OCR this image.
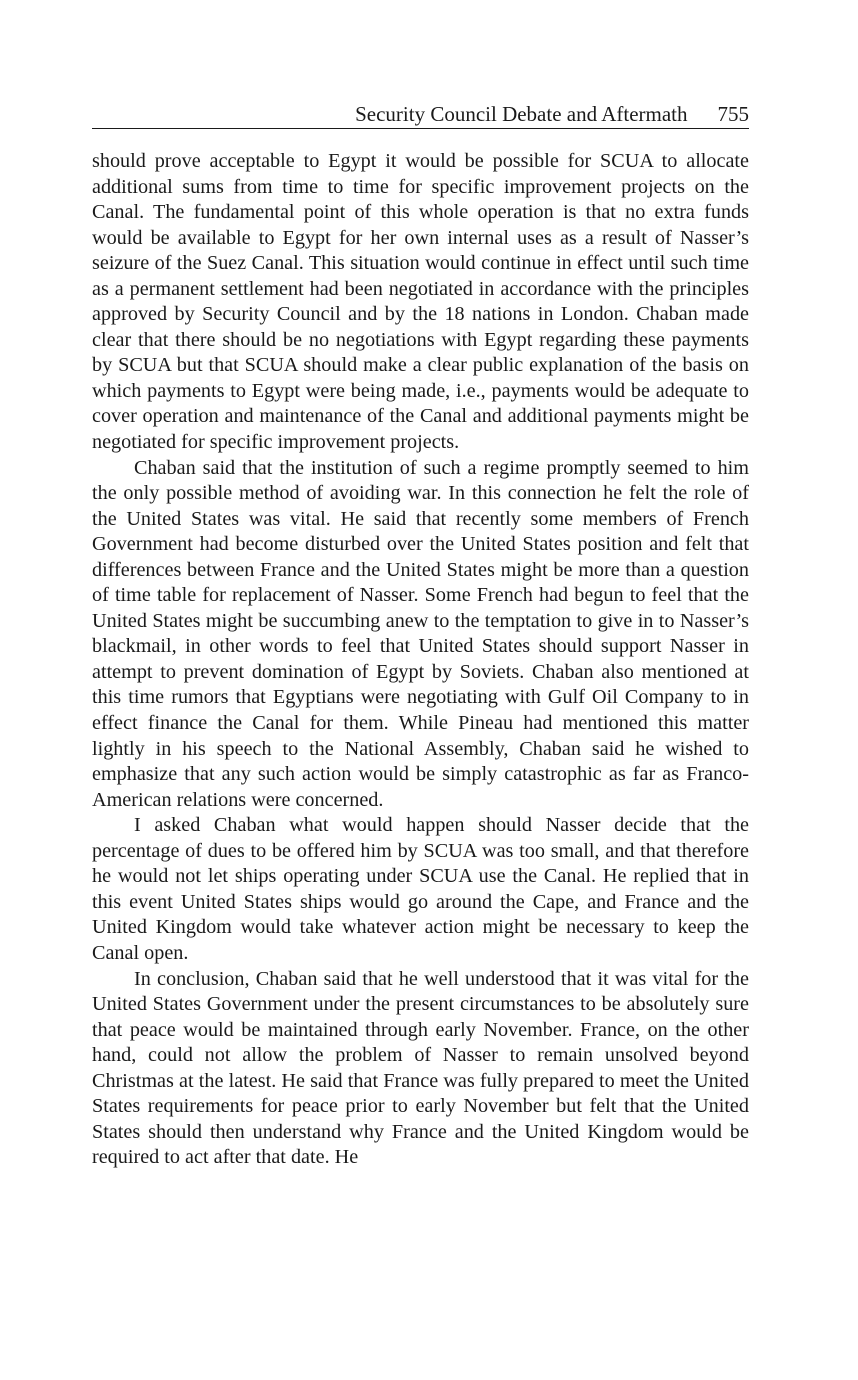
Security Council Debate and Aftermath 755

should prove acceptable to Egypt it would be possible for SCUA to allocate additional sums from time to time for specific improvement projects on the Canal. The fundamental point of this whole operation is that no extra funds would be available to Egypt for her own internal uses as a result of Nasser’s seizure of the Suez Canal. This situation would continue in effect until such time as a permanent settlement had been negotiated in accordance with the principles approved by Security Council and by the 18 nations in London. Chaban made clear that there should be no negotiations with Egypt regarding these payments by SCUA but that SCUA should make a clear public explanation of the basis on which payments to Egypt were being made, i.e., payments would be adequate to cover operation and maintenance of the Canal and additional payments might be negotiated for specific improvement projects.

Chaban said that the institution of such a regime promptly seemed to him the only possible method of avoiding war. In this connection he felt the role of the United States was vital. He said that recently some members of French Government had become disturbed over the United States position and felt that differences between France and the United States might be more than a question of time table for replacement of Nasser. Some French had begun to feel that the United States might be succumbing anew to the temptation to give in to Nasser’s blackmail, in other words to feel that United States should support Nasser in attempt to prevent domination of Egypt by Soviets. Chaban also mentioned at this time rumors that Egyptians were negotiating with Gulf Oil Company to in effect finance the Canal for them. While Pineau had mentioned this matter lightly in his speech to the National Assembly, Chaban said he wished to emphasize that any such action would be simply catastrophic as far as Franco-American relations were concerned.

I asked Chaban what would happen should Nasser decide that the percentage of dues to be offered him by SCUA was too small, and that therefore he would not let ships operating under SCUA use the Canal. He replied that in this event United States ships would go around the Cape, and France and the United Kingdom would take whatever action might be necessary to keep the Canal open.

In conclusion, Chaban said that he well understood that it was vital for the United States Government under the present circumstances to be absolutely sure that peace would be maintained through early November. France, on the other hand, could not allow the problem of Nasser to remain unsolved beyond Christmas at the latest. He said that France was fully prepared to meet the United States requirements for peace prior to early November but felt that the United States should then understand why France and the United Kingdom would be required to act after that date. He
